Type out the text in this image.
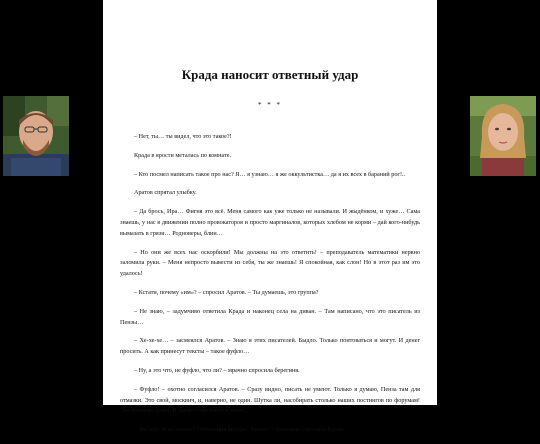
Крада наносит ответный удар
* * *

– Нет, ты… ты видел, что это такое?!

Крада в ярости металась по комнате.

– Кто посмел написать такое про нас? Я… я узнаю… я же оккультистка… да я их всех в бараний рог!..

Аратов спрятал улыбку.

– Да брось, Ира… Фигня это всё. Меня самого как уже только не называли. И жыдёнком, и хуже… Сама знаешь, у нас в движении полно провокаторов и просто маргиналов, которых хлебом не корми – дай кого-нибудь вымазать в грязи… Родноверы, блин…

– Но они же всех нас оскорбили! Мы должны на это ответить! – преподаватель математики нервно заломила руки. – Меня непросто вывести из себя, ты же знаешь! Я спокойная, как слон! Но в этот раз им это удалось!

– Кстати, почему «им»? – спросил Аратов. – Ты думаешь, это группа?

– Не знаю, – задумчиво ответила Крада и наконец села на диван. – Там написано, что это писатель из Пензы…

– Хе-хе-хе… – засмеялся Аратов. – Знаю я этих писателей. Быдло. Только понтоваться и могут. И денег просить. А как принесут тексты – такое фуфло…

– Ну, а это что, не фуфло, что ли? – мрачно спросила берегиня.

– Фуфло! – охотно согласился Аратов. – Сразу видно, писать не умеют. Только я думаю, Пенза там для отмазки. Это свой, москвич, и, наверно, не один. Шутка ли, насобирать столько наших постингов по форумам! Это команда целая. И такие подробности знает…

– Это кто-то из наших? Оппозиция внутри? Враги? – тревожно спросила Крада.
